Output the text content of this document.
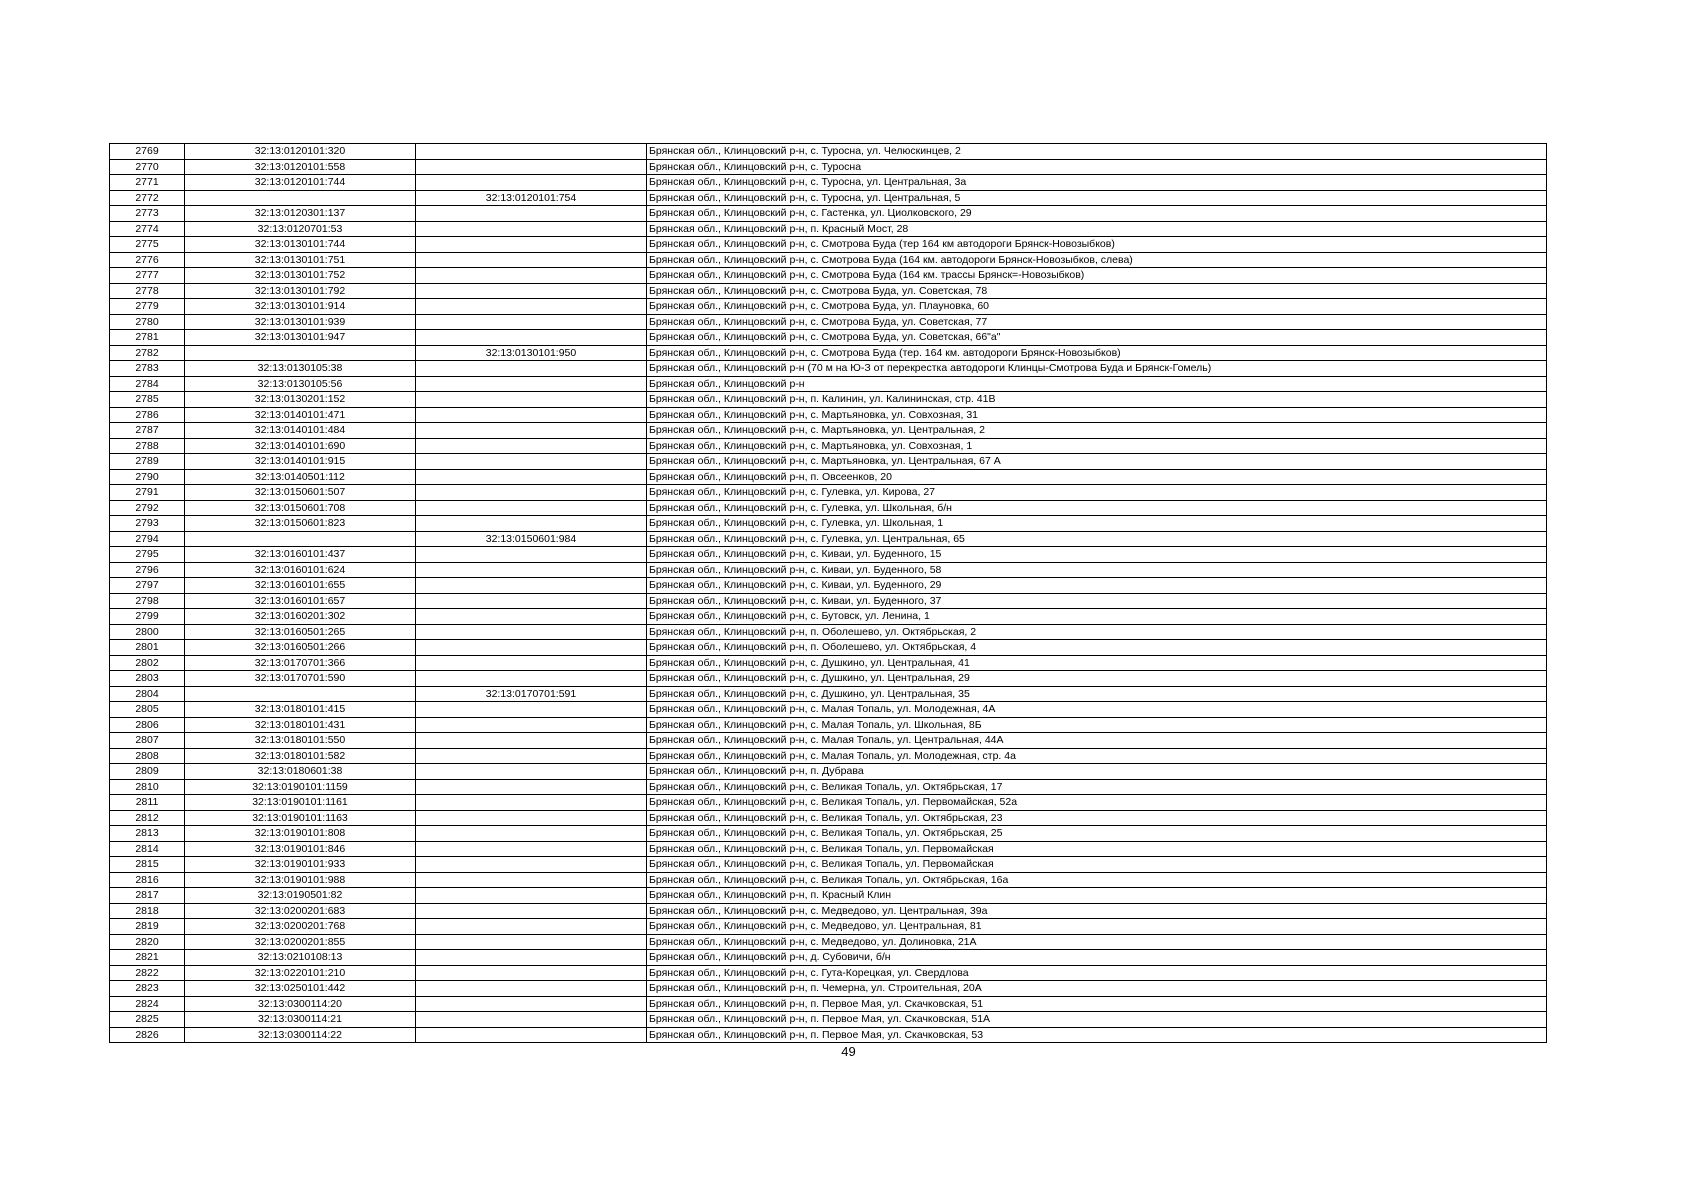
2769	32:13:0120101:320		Брянская обл., Клинцовский р-н, с. Туросна, ул. Челюскинцев, 2
2770	32:13:0120101:558		Брянская обл., Клинцовский р-н, с. Туросна
2771	32:13:0120101:744		Брянская обл., Клинцовский р-н, с. Туросна, ул. Центральная, 3а
2772		32:13:0120101:754	Брянская обл., Клинцовский р-н, с. Туросна, ул. Центральная, 5
2773	32:13:0120301:137		Брянская обл., Клинцовский р-н, с. Гастенка, ул. Циолковского, 29
2774	32:13:0120701:53		Брянская обл., Клинцовский р-н, п. Красный Мост, 28
2775	32:13:0130101:744		Брянская обл., Клинцовский р-н, с. Смотрова Буда (тер 164 км автодороги Брянск-Новозыбков)
2776	32:13:0130101:751		Брянская обл., Клинцовский р-н, с. Смотрова Буда (164 км. автодороги Брянск-Новозыбков, слева)
2777	32:13:0130101:752		Брянская обл., Клинцовский р-н, с. Смотрова Буда (164 км. трассы Брянск=-Новозыбков)
2778	32:13:0130101:792		Брянская обл., Клинцовский р-н, с. Смотрова Буда, ул. Советская, 78
2779	32:13:0130101:914		Брянская обл., Клинцовский р-н, с. Смотрова Буда, ул. Плауновка, 60
2780	32:13:0130101:939		Брянская обл., Клинцовский р-н, с. Смотрова Буда, ул. Советская, 77
2781	32:13:0130101:947		Брянская обл., Клинцовский р-н, с. Смотрова Буда, ул. Советская, 66"а"
2782		32:13:0130101:950	Брянская обл., Клинцовский р-н, с. Смотрова Буда (тер. 164 км. автодороги Брянск-Новозыбков)
2783	32:13:0130105:38		Брянская обл., Клинцовский р-н (70 м на Ю-З от перекрестка автодороги Клинцы-Смотрова Буда и Брянск-Гомель)
2784	32:13:0130105:56		Брянская обл., Клинцовский р-н
2785	32:13:0130201:152		Брянская обл., Клинцовский р-н, п. Калинин, ул. Калининская, стр. 41В
2786	32:13:0140101:471		Брянская обл., Клинцовский р-н, с. Мартьяновка, ул. Совхозная, 31
2787	32:13:0140101:484		Брянская обл., Клинцовский р-н, с. Мартьяновка, ул. Центральная, 2
2788	32:13:0140101:690		Брянская обл., Клинцовский р-н, с. Мартьяновка, ул. Совхозная, 1
2789	32:13:0140101:915		Брянская обл., Клинцовский р-н, с. Мартьяновка, ул. Центральная, 67 А
2790	32:13:0140501:112		Брянская обл., Клинцовский р-н, п. Овсеенков, 20
2791	32:13:0150601:507		Брянская обл., Клинцовский р-н, с. Гулевка, ул. Кирова, 27
2792	32:13:0150601:708		Брянская обл., Клинцовский р-н, с. Гулевка, ул. Школьная, б/н
2793	32:13:0150601:823		Брянская обл., Клинцовский р-н, с. Гулевка, ул. Школьная, 1
2794		32:13:0150601:984	Брянская обл., Клинцовский р-н, с. Гулевка, ул. Центральная, 65
2795	32:13:0160101:437		Брянская обл., Клинцовский р-н, с. Киваи, ул. Буденного, 15
2796	32:13:0160101:624		Брянская обл., Клинцовский р-н, с. Киваи, ул. Буденного, 58
2797	32:13:0160101:655		Брянская обл., Клинцовский р-н, с. Киваи, ул. Буденного, 29
2798	32:13:0160101:657		Брянская обл., Клинцовский р-н, с. Киваи, ул. Буденного, 37
2799	32:13:0160201:302		Брянская обл., Клинцовский р-н, с. Бутовск, ул. Ленина, 1
2800	32:13:0160501:265		Брянская обл., Клинцовский р-н, п. Оболешево, ул. Октябрьская, 2
2801	32:13:0160501:266		Брянская обл., Клинцовский р-н, п. Оболешево, ул. Октябрьская, 4
2802	32:13:0170701:366		Брянская обл., Клинцовский р-н, с. Душкино, ул. Центральная, 41
2803	32:13:0170701:590		Брянская обл., Клинцовский р-н, с. Душкино, ул. Центральная, 29
2804		32:13:0170701:591	Брянская обл., Клинцовский р-н, с. Душкино, ул. Центральная, 35
2805	32:13:0180101:415		Брянская обл., Клинцовский р-н, с. Малая Топаль, ул. Молодежная, 4А
2806	32:13:0180101:431		Брянская обл., Клинцовский р-н, с. Малая Топаль, ул. Школьная, 8Б
2807	32:13:0180101:550		Брянская обл., Клинцовский р-н, с. Малая Топаль, ул. Центральная, 44А
2808	32:13:0180101:582		Брянская обл., Клинцовский р-н, с. Малая Топаль, ул. Молодежная, стр. 4а
2809	32:13:0180601:38		Брянская обл., Клинцовский р-н, п. Дубрава
2810	32:13:0190101:1159		Брянская обл., Клинцовский р-н, с. Великая Топаль, ул. Октябрьская, 17
2811	32:13:0190101:1161		Брянская обл., Клинцовский р-н, с. Великая Топаль, ул. Первомайская, 52а
2812	32:13:0190101:1163		Брянская обл., Клинцовский р-н, с. Великая Топаль, ул. Октябрьская, 23
2813	32:13:0190101:808		Брянская обл., Клинцовский р-н, с. Великая Топаль, ул. Октябрьская, 25
2814	32:13:0190101:846		Брянская обл., Клинцовский р-н, с. Великая Топаль, ул. Первомайская
2815	32:13:0190101:933		Брянская обл., Клинцовский р-н, с. Великая Топаль, ул. Первомайская
2816	32:13:0190101:988		Брянская обл., Клинцовский р-н, с. Великая Топаль, ул. Октябрьская, 16а
2817	32:13:0190501:82		Брянская обл., Клинцовский р-н, п. Красный Клин
2818	32:13:0200201:683		Брянская обл., Клинцовский р-н, с. Медведово, ул. Центральная, 39а
2819	32:13:0200201:768		Брянская обл., Клинцовский р-н, с. Медведово, ул. Центральная, 81
2820	32:13:0200201:855		Брянская обл., Клинцовский р-н, с. Медведово, ул. Долиновка, 21А
2821	32:13:0210108:13		Брянская обл., Клинцовский р-н, д. Субовичи, б/н
2822	32:13:0220101:210		Брянская обл., Клинцовский р-н, с. Гута-Корецкая, ул. Свердлова
2823	32:13:0250101:442		Брянская обл., Клинцовский р-н, п. Чемерна, ул. Строительная, 20А
2824	32:13:0300114:20		Брянская обл., Клинцовский р-н, п. Первое Мая, ул. Скачковская, 51
2825	32:13:0300114:21		Брянская обл., Клинцовский р-н, п. Первое Мая, ул. Скачковская, 51А
2826	32:13:0300114:22		Брянская обл., Клинцовский р-н, п. Первое Мая, ул. Скачковская, 53
49
